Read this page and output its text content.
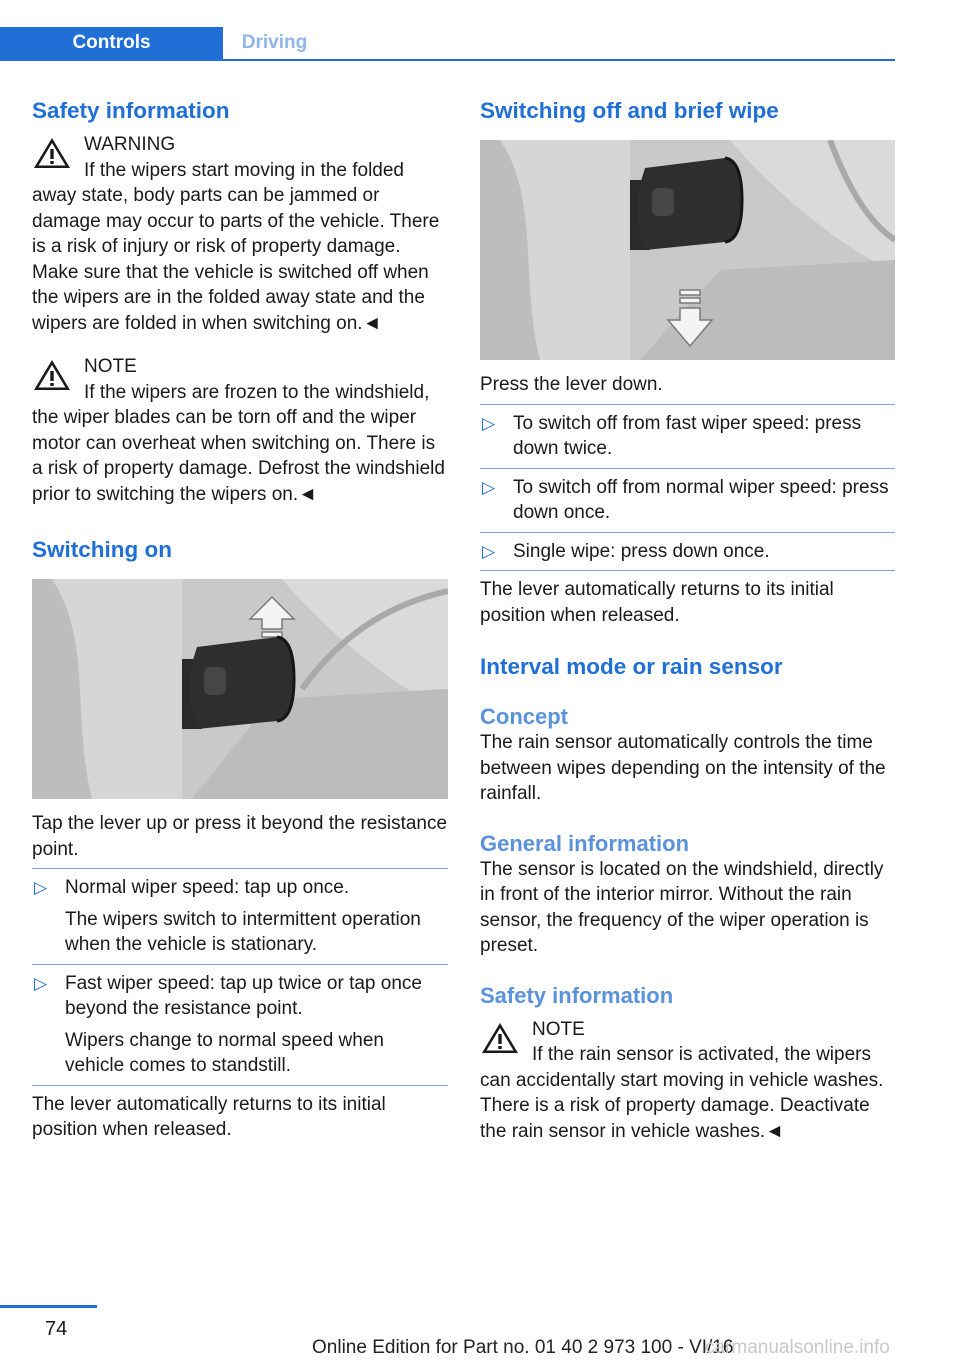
Controls	Driving
Safety information
WARNING
If the wipers start moving in the folded away state, body parts can be jammed or damage may occur to parts of the vehicle. There is a risk of injury or risk of property damage. Make sure that the vehicle is switched off when the wipers are in the folded away state and the wipers are folded in when switching on.◄
NOTE
If the wipers are frozen to the windshield, the wiper blades can be torn off and the wiper motor can overheat when switching on. There is a risk of property damage. Defrost the windshield prior to switching the wipers on.◄
Switching on

Tap the lever up or press it beyond the resistance point.

▷ Normal wiper speed: tap up once.
The wipers switch to intermittent operation when the vehicle is stationary.
▷ Fast wiper speed: tap up twice or tap once beyond the resistance point.
Wipers change to normal speed when vehicle comes to standstill.

The lever automatically returns to its initial position when released.

Switching off and brief wipe

Press the lever down.

▷ To switch off from fast wiper speed: press down twice.
▷ To switch off from normal wiper speed: press down once.
▷ Single wipe: press down once.

The lever automatically returns to its initial position when released.

Interval mode or rain sensor
Concept

The rain sensor automatically controls the time between wipes depending on the intensity of the rainfall.

General information

The sensor is located on the windshield, directly in front of the interior mirror. Without the rain sensor, the frequency of the wiper operation is preset.

Safety information
NOTE
If the rain sensor is activated, the wipers can accidentally start moving in vehicle washes. There is a risk of property damage. Deactivate the rain sensor in vehicle washes.◄
74
Online Edition for Part no. 01 40 2 973 100 - VI/16
carmanualsonline.info
